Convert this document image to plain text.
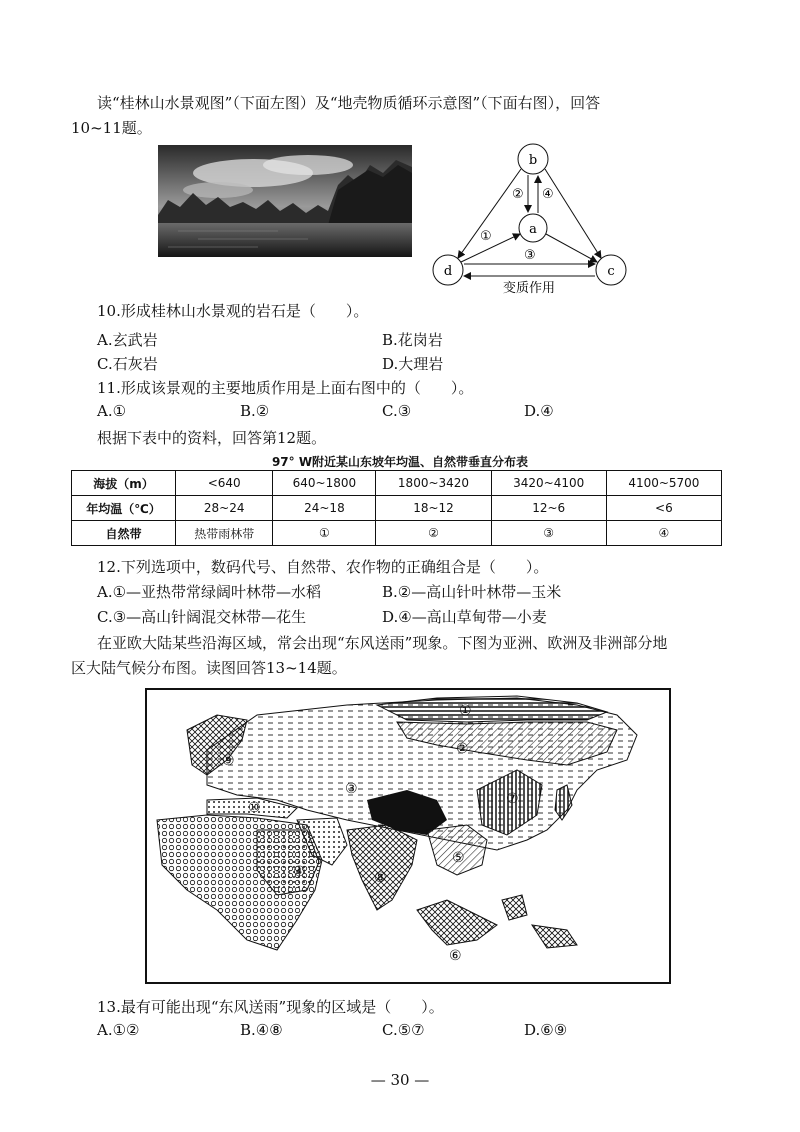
读“桂林山水景观图”（下面左图）及“地壳物质循环示意图”（下面右图），回答
10~11题。
b
a
d	c
② ④
①
③
变质作用
10.形成桂林山水景观的岩石是（　　）。
A.玄武岩	B.花岗岩
C.石灰岩	D.大理岩
11.形成该景观的主要地质作用是上面右图中的（　　）。
A.①	B.②	C.③	D.④
根据下表中的资料，回答第12题。
97° W附近某山东坡年均温、自然带垂直分布表
海拔（m）	<640	640~1800	1800~3420	3420~4100	4100~5700
年均温（℃）	28~24	24~18	18~12	12~6	<6
自然带	热带雨林带	①	②	③	④
12.下列选项中，数码代号、自然带、农作物的正确组合是（　　）。
A.①—亚热带常绿阔叶林带—水稻	B.②—高山针叶林带—玉米
C.③—高山针阔混交林带—花生	D.④—高山草甸带—小麦
在亚欧大陆某些沿海区域，常会出现“东风送雨”现象。下图为亚洲、欧洲及非洲部分地
区大陆气候分布图。读图回答13~14题。
①
②
③
④
⑤
⑥
⑦
⑧
⑨
⑩
13.最有可能出现“东风送雨”现象的区域是（　　）。
A.①②	B.④⑧	C.⑤⑦	D.⑥⑨
— 30 —
